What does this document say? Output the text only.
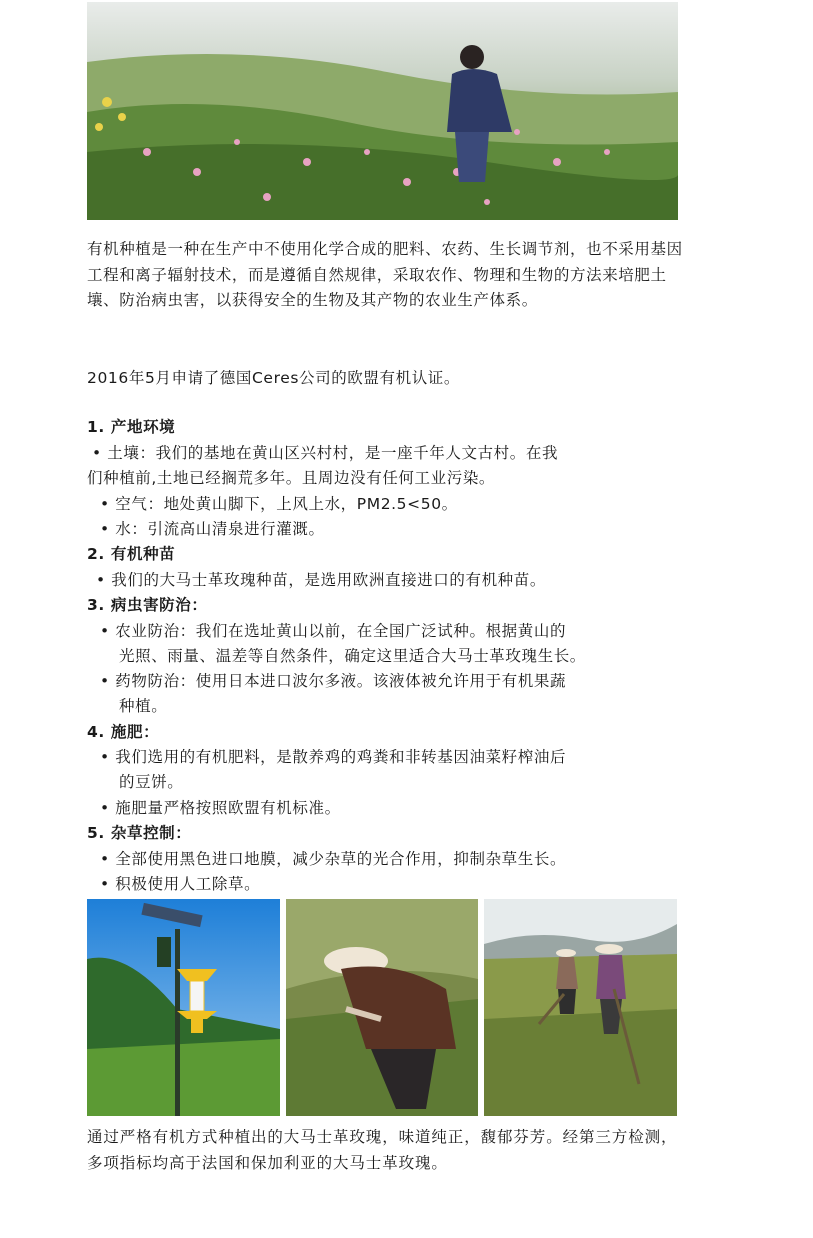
有机种植是一种在生产中不使用化学合成的肥料、农药、生长调节剂，也不采用基因工程和离子辐射技术，而是遵循自然规律，采取农作、物理和生物的方法来培肥土壤、防治病虫害，以获得安全的生物及其产物的农业生产体系。

2016年5月申请了德国Ceres公司的欧盟有机认证。

1. 产地环境
• 土壤：我们的基地在黄山区兴村村，是一座千年人文古村。在我
们种植前,土地已经搁荒多年。且周边没有任何工业污染。
• 空气：地处黄山脚下，上风上水，PM2.5<50。
• 水：引流高山清泉进行灌溉。
2. 有机种苗
• 我们的大马士革玫瑰种苗，是选用欧洲直接进口的有机种苗。
3. 病虫害防治：
• 农业防治：我们在选址黄山以前，在全国广泛试种。根据黄山的
光照、雨量、温差等自然条件，确定这里适合大马士革玫瑰生长。
• 药物防治：使用日本进口波尔多液。该液体被允许用于有机果蔬
种植。
4. 施肥：
• 我们选用的有机肥料，是散养鸡的鸡粪和非转基因油菜籽榨油后
的豆饼。
• 施肥量严格按照欧盟有机标准。
5. 杂草控制：
• 全部使用黑色进口地膜，减少杂草的光合作用，抑制杂草生长。
• 积极使用人工除草。

通过严格有机方式种植出的大马士革玫瑰，味道纯正，馥郁芬芳。经第三方检测，多项指标均高于法国和保加利亚的大马士革玫瑰。
